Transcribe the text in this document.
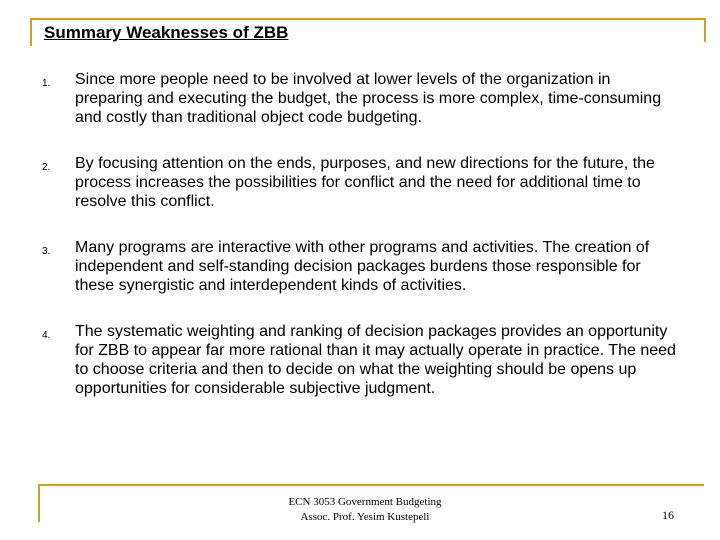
Summary Weaknesses of ZBB
1. Since more people need to be involved at lower levels of the organization in preparing and executing the budget, the process is more complex, time-consuming and costly than traditional object code budgeting.
2. By focusing attention on the ends, purposes, and new directions for the future, the process increases the possibilities for conflict and the need for additional time to resolve this conflict.
3. Many programs are interactive with other programs and activities. The creation of independent and self-standing decision packages burdens those responsible for these synergistic and interdependent kinds of activities.
4. The systematic weighting and ranking of decision packages provides an opportunity for ZBB to appear far more rational than it may actually operate in practice. The need to choose criteria and then to decide on what the weighting should be opens up opportunities for considerable subjective judgment.
ECN 3053 Government Budgeting
Assoc. Prof. Yesim Kustepeli	16
